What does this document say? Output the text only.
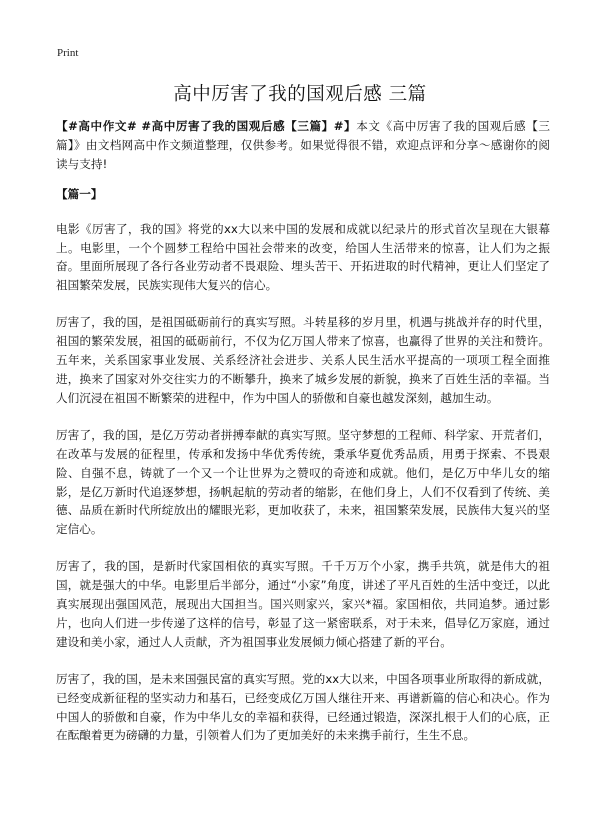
Print
高中厉害了我的国观后感 三篇

【#高中作文# #高中厉害了我的国观后感【三篇】#】本文《高中厉害了我的国观后感【三篇】》由文档网高中作文频道整理，仅供参考。如果觉得很不错，欢迎点评和分享～感谢你的阅读与支持!

【篇一】

电影《厉害了，我的国》将党的xx大以来中国的发展和成就以纪录片的形式首次呈现在大银幕上。电影里，一个个圆梦工程给中国社会带来的改变，给国人生活带来的惊喜，让人们为之振奋。里面所展现了各行各业劳动者不畏艰险、埋头苦干、开拓进取的时代精神，更让人们坚定了祖国繁荣发展，民族实现伟大复兴的信心。

厉害了，我的国，是祖国砥砺前行的真实写照。斗转星移的岁月里，机遇与挑战并存的时代里，祖国的繁荣发展，祖国的砥砺前行，不仅为亿万国人带来了惊喜，也赢得了世界的关注和赞许。五年来，关系国家事业发展、关系经济社会进步、关系人民生活水平提高的一项项工程全面推进，换来了国家对外交往实力的不断攀升，换来了城乡发展的新貌，换来了百姓生活的幸福。当人们沉浸在祖国不断繁荣的进程中，作为中国人的骄傲和自豪也越发深刻，越加生动。

厉害了，我的国，是亿万劳动者拼搏奉献的真实写照。坚守梦想的工程师、科学家、开荒者们，在改革与发展的征程里，传承和发扬中华优秀传统，秉承华夏优秀品质，用勇于探索、不畏艰险、自强不息，铸就了一个又一个让世界为之赞叹的奇迹和成就。他们，是亿万中华儿女的缩影，是亿万新时代追逐梦想，扬帆起航的劳动者的缩影，在他们身上，人们不仅看到了传统、美德、品质在新时代所绽放出的耀眼光彩，更加收获了，未来，祖国繁荣发展，民族伟大复兴的坚定信心。

厉害了，我的国，是新时代家国相依的真实写照。千千万万个小家，携手共筑，就是伟大的祖国，就是强大的中华。电影里后半部分，通过“小家”角度，讲述了平凡百姓的生活中变迁，以此真实展现出强国风范，展现出大国担当。国兴则家兴，家兴*福。家国相依，共同追梦。通过影片，也向人们进一步传递了这样的信号，彰显了这一紧密联系，对于未来，倡导亿万家庭，通过建设和美小家，通过人人贡献，齐为祖国事业发展倾力倾心搭建了新的平台。

厉害了，我的国，是未来国强民富的真实写照。党的xx大以来，中国各项事业所取得的新成就，已经变成新征程的坚实动力和基石，已经变成亿万国人继往开来、再谱新篇的信心和决心。作为中国人的骄傲和自豪，作为中华儿女的幸福和获得，已经通过锻造，深深扎根于人们的心底，正在酝酿着更为磅礴的力量，引领着人们为了更加美好的未来携手前行，生生不息。
